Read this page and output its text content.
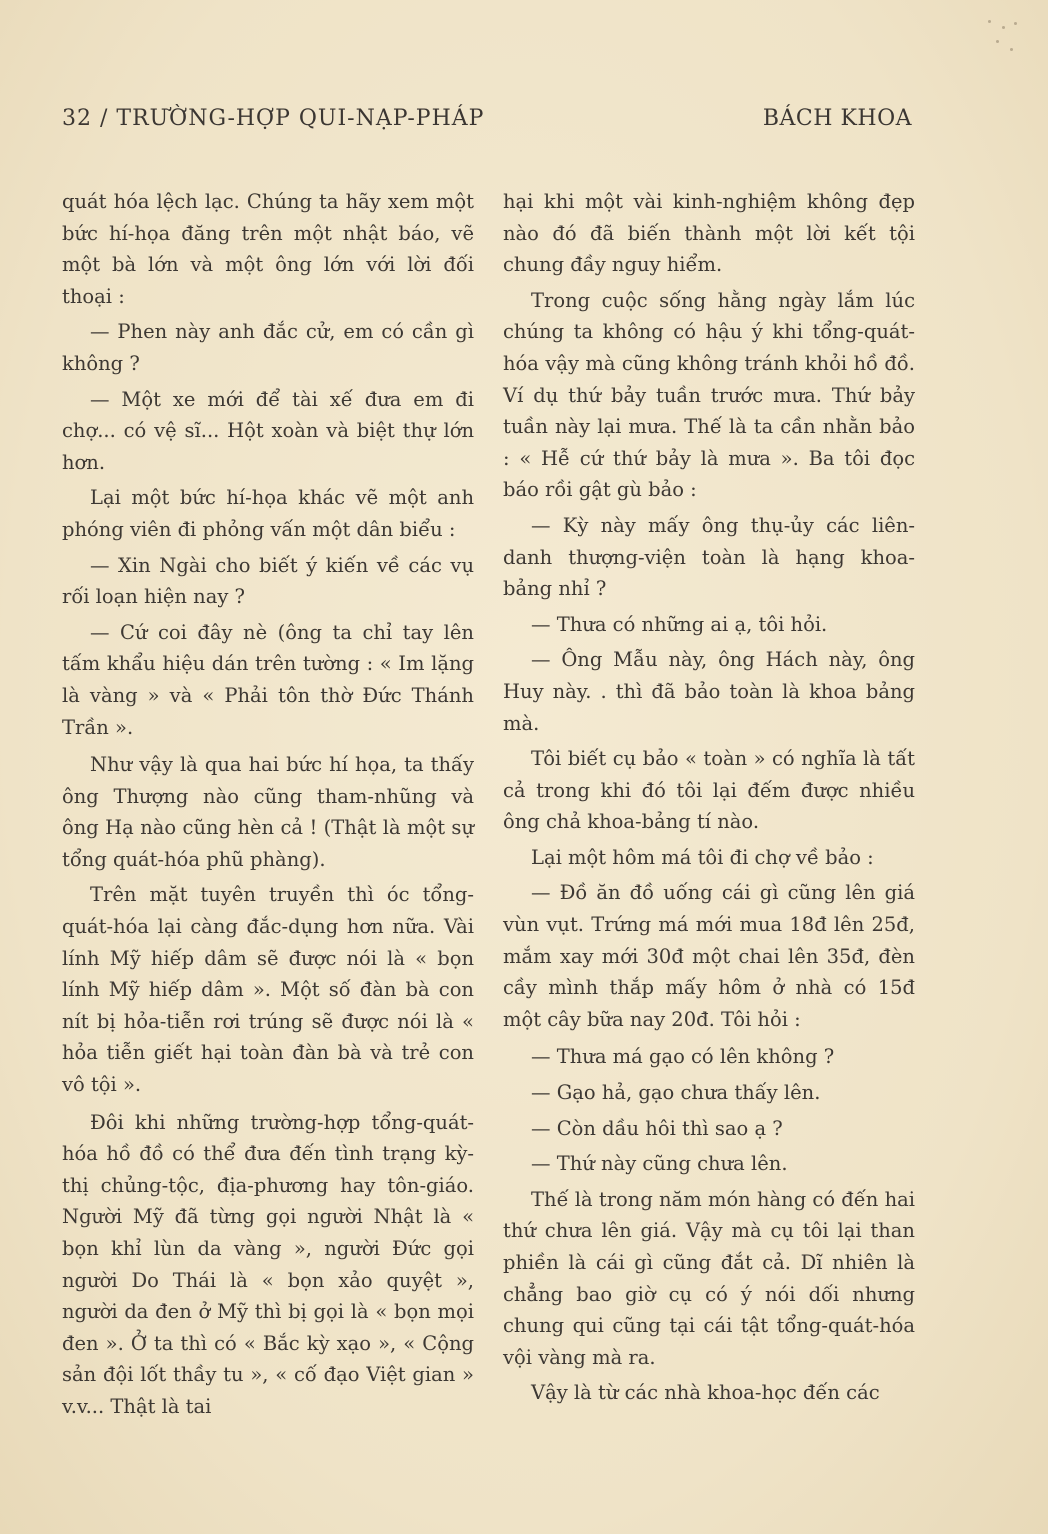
32 / TRƯỜNG-HỢP QUI-NẠP-PHÁP	BÁCH KHOA

quát hóa lệch lạc. Chúng ta hãy xem một bức hí-họa đăng trên một nhật báo, vẽ một bà lớn và một ông lớn với lời đối thoại :

— Phen này anh đắc cử, em có cần gì không ?

— Một xe mới để tài xế đưa em đi chợ... có vệ sĩ... Hột xoàn và biệt thự lớn hơn.

Lại một bức hí-họa khác vẽ một anh phóng viên đi phỏng vấn một dân biểu :

— Xin Ngài cho biết ý kiến về các vụ rối loạn hiện nay ?

— Cứ coi đây nè (ông ta chỉ tay lên tấm khẩu hiệu dán trên tường : « Im lặng là vàng » và « Phải tôn thờ Đức Thánh Trần ».

Như vậy là qua hai bức hí họa, ta thấy ông Thượng nào cũng tham-nhũng và ông Hạ nào cũng hèn cả ! (Thật là một sự tổng quát-hóa phũ phàng).

Trên mặt tuyên truyền thì óc tổng-quát-hóa lại càng đắc-dụng hơn nữa. Vài lính Mỹ hiếp dâm sẽ được nói là « bọn lính Mỹ hiếp dâm ». Một số đàn bà con nít bị hỏa-tiễn rơi trúng sẽ được nói là « hỏa tiễn giết hại toàn đàn bà và trẻ con vô tội ».

Đôi khi những trường-hợp tổng-quát-hóa hồ đồ có thể đưa đến tình trạng kỳ-thị chủng-tộc, địa-phương hay tôn-giáo. Người Mỹ đã từng gọi người Nhật là « bọn khỉ lùn da vàng », người Đức gọi người Do Thái là « bọn xảo quyệt », người da đen ở Mỹ thì bị gọi là « bọn mọi đen ». Ở ta thì có « Bắc kỳ xạo », « Cộng sản đội lốt thầy tu », « cố đạo Việt gian » v.v... Thật là tai

hại khi một vài kinh-nghiệm không đẹp nào đó đã biến thành một lời kết tội chung đầy nguy hiểm.

Trong cuộc sống hằng ngày lắm lúc chúng ta không có hậu ý khi tổng-quát-hóa vậy mà cũng không tránh khỏi hồ đồ. Ví dụ thứ bảy tuần trước mưa. Thứ bảy tuần này lại mưa. Thế là ta cần nhằn bảo : « Hễ cứ thứ bảy là mưa ». Ba tôi đọc báo rồi gật gù bảo :

— Kỳ này mấy ông thụ-ủy các liên-danh thượng-viện toàn là hạng khoa-bảng nhỉ ?

— Thưa có những ai ạ, tôi hỏi.

— Ông Mẫu này, ông Hách này, ông Huy này. . thì đã bảo toàn là khoa bảng mà.

Tôi biết cụ bảo « toàn » có nghĩa là tất cả trong khi đó tôi lại đếm được nhiều ông chả khoa-bảng tí nào.

Lại một hôm má tôi đi chợ về bảo :

— Đồ ăn đồ uống cái gì cũng lên giá vùn vụt. Trứng má mới mua 18đ lên 25đ, mắm xay mới 30đ một chai lên 35đ, đèn cầy mình thắp mấy hôm ở nhà có 15đ một cây bữa nay 20đ. Tôi hỏi :

— Thưa má gạo có lên không ?

— Gạo hả, gạo chưa thấy lên.

— Còn dầu hôi thì sao ạ ?

— Thứ này cũng chưa lên.

Thế là trong năm món hàng có đến hai thứ chưa lên giá. Vậy mà cụ tôi lại than phiền là cái gì cũng đắt cả. Dĩ nhiên là chẳng bao giờ cụ có ý nói dối nhưng chung qui cũng tại cái tật tổng-quát-hóa vội vàng mà ra.

Vậy là từ các nhà khoa-học đến các
